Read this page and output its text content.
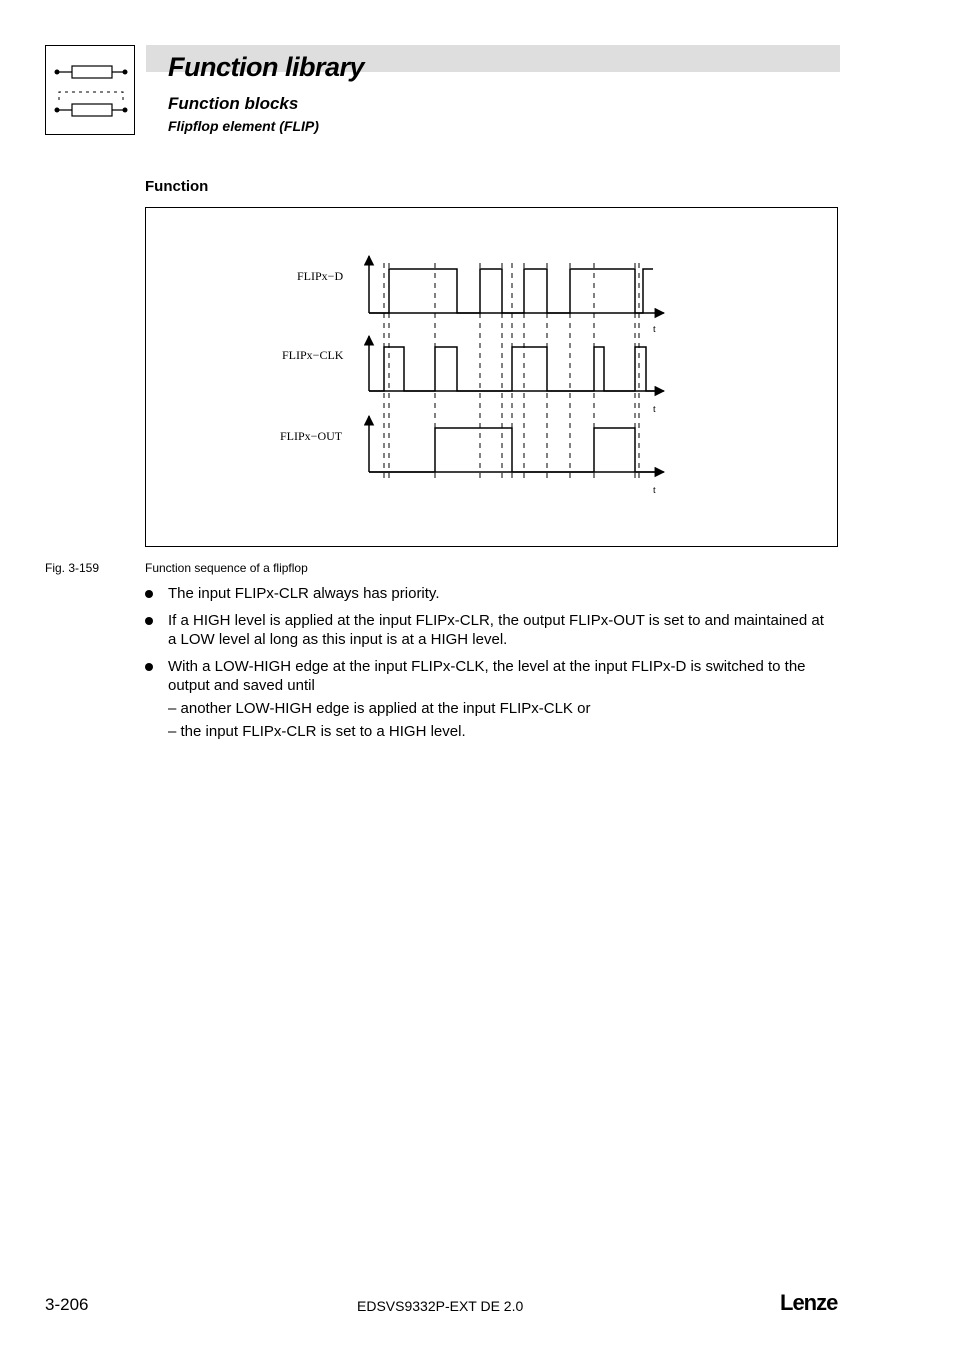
Function library
Function blocks
Flipflop element (FLIP)
Function
FLIPx−D
t
FLIPx−CLK
t
FLIPx−OUT
t
Fig. 3-159	Function sequence of a flipflop
The input FLIPx-CLR always has priority.
If a HIGH level is applied at the input FLIPx-CLR, the output FLIPx-OUT is set to and maintained at a LOW level al long as this input is at a HIGH level.
With a LOW-HIGH edge at the input FLIPx-CLK, the level at the input FLIPx-D is switched to the output and saved until
– another LOW-HIGH edge is applied at the input FLIPx-CLK or
– the input FLIPx-CLR is set to a HIGH level.
3-206	EDSVS9332P-EXT DE 2.0	Lenze
